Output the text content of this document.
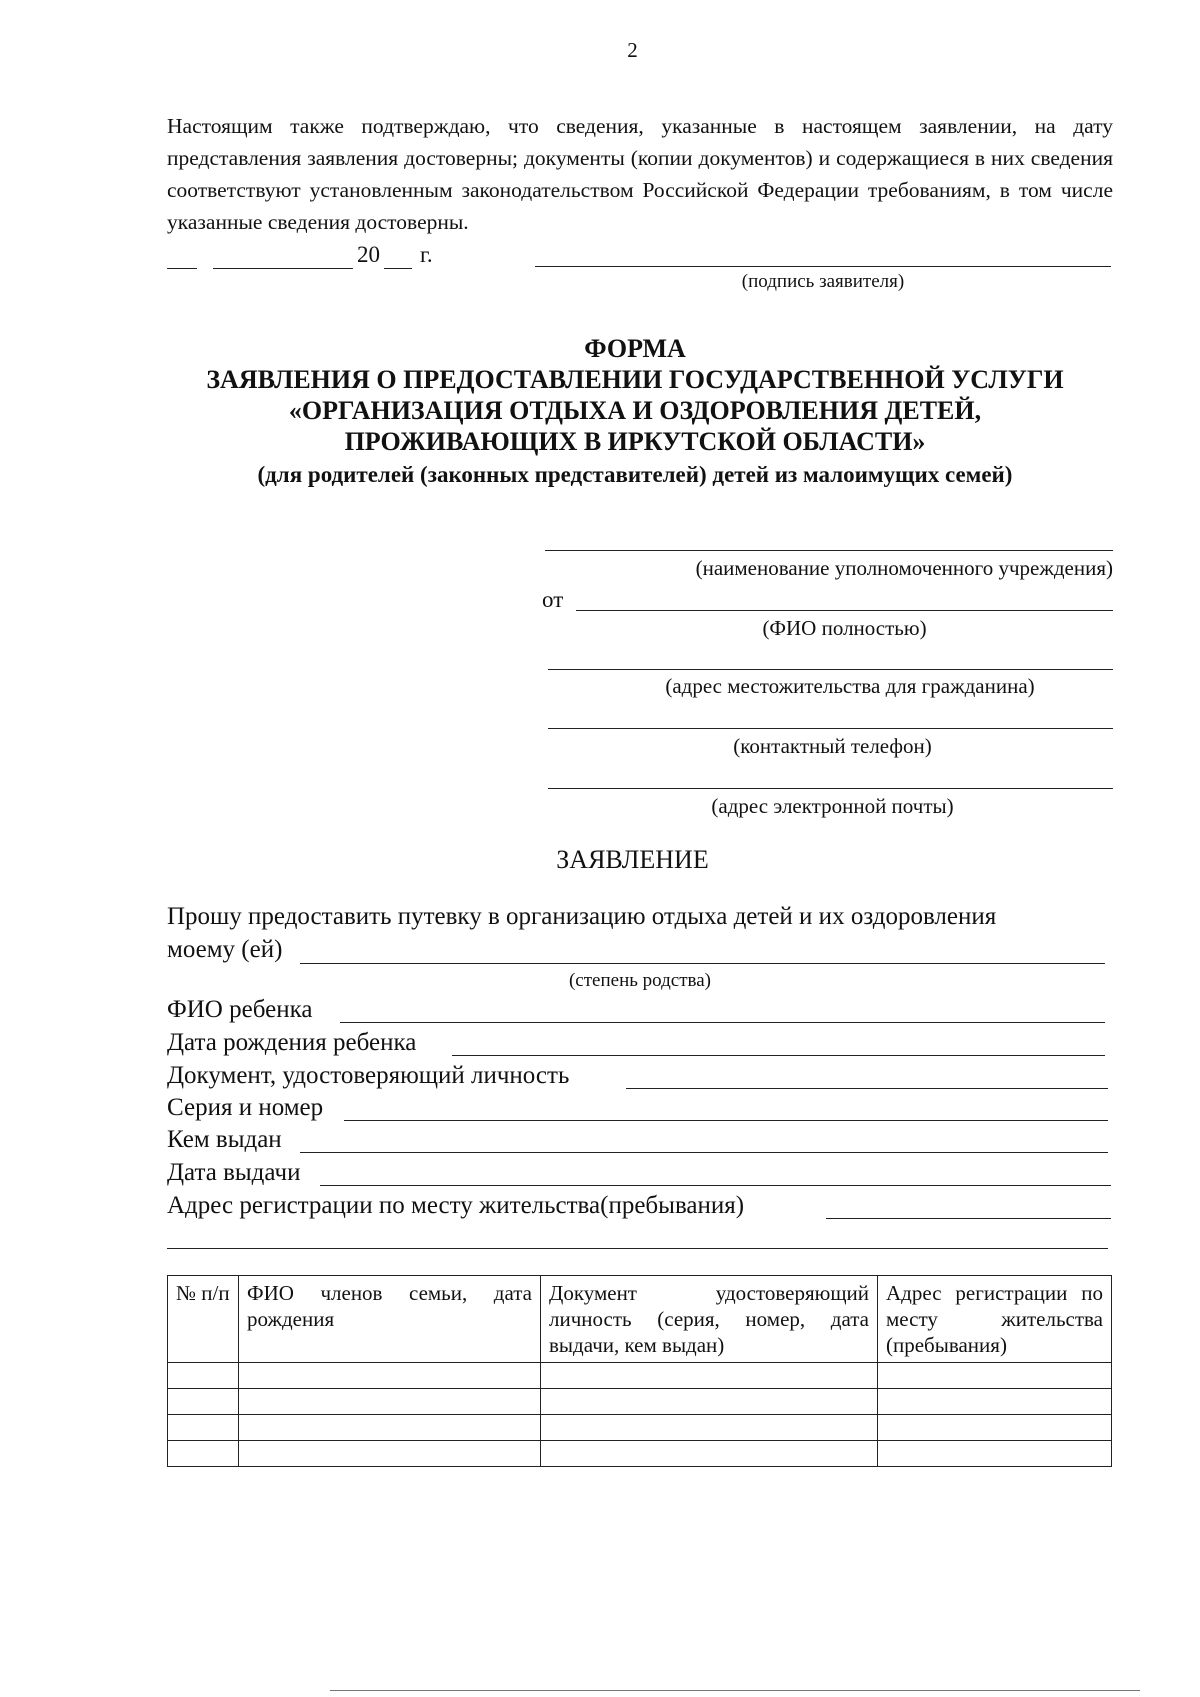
2
Настоящим также подтверждаю, что сведения, указанные в настоящем заявлении, на дату представления заявления достоверны; документы (копии документов) и содержащиеся в них сведения соответствуют установленным законодательством Российской Федерации требованиям, в том числе указанные сведения достоверны.
20 г.
(подпись заявителя)
ФОРМА
ЗАЯВЛЕНИЯ О ПРЕДОСТАВЛЕНИИ ГОСУДАРСТВЕННОЙ УСЛУГИ
«ОРГАНИЗАЦИЯ ОТДЫХА И ОЗДОРОВЛЕНИЯ ДЕТЕЙ,
ПРОЖИВАЮЩИХ В ИРКУТСКОЙ ОБЛАСТИ»
(для родителей (законных представителей) детей из малоимущих семей)
(наименование уполномоченного учреждения)
от
(ФИО полностью)
(адрес местожительства для гражданина)
(контактный телефон)
(адрес электронной почты)
ЗАЯВЛЕНИЕ
Прошу предоставить путевку в организацию отдыха детей и их оздоровления
моему (ей)
(степень родства)
ФИО ребенка
Дата рождения ребенка
Документ, удостоверяющий личность
Серия и номер
Кем выдан
Дата выдачи
Адрес регистрации по месту жительства(пребывания)
№ п/п	ФИО членов семьи, дата рождения	Документ удостоверяющий личность (серия, номер, дата выдачи, кем выдан)	Адрес регистрации по месту жительства (пребывания)
